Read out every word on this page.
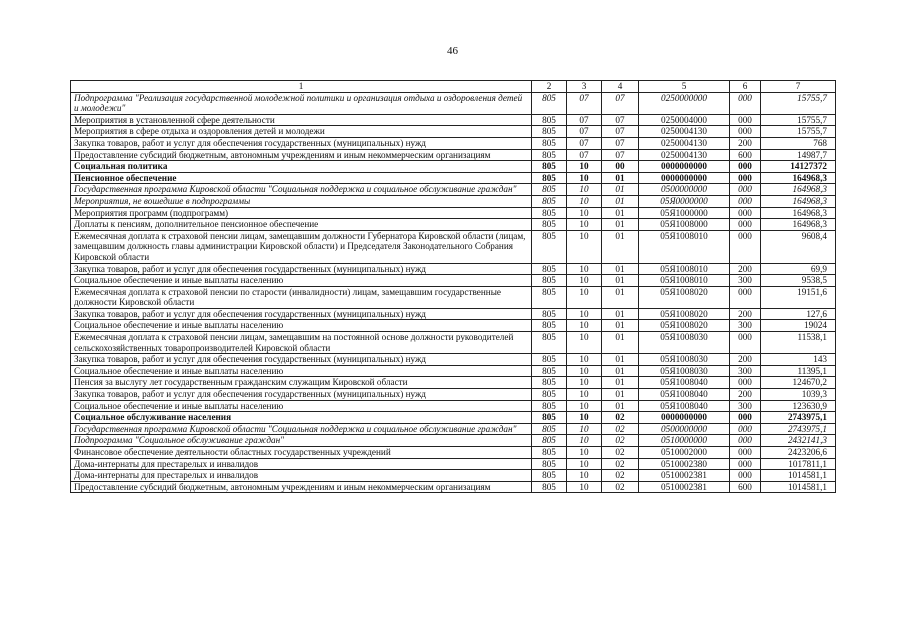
46
1	2	3	4	5	6	7
Подпрограмма "Реализация государственной молодежной политики и организация отдыха и оздоровления детей и молодежи"	805	07	07	0250000000	000	15755,7
Мероприятия в установленной сфере деятельности	805	07	07	0250004000	000	15755,7
Мероприятия в сфере отдыха и оздоровления детей и молодежи	805	07	07	0250004130	000	15755,7
Закупка товаров, работ и услуг для обеспечения государственных (муниципальных) нужд	805	07	07	0250004130	200	768
Предоставление субсидий бюджетным, автономным учреждениям и иным некоммерческим организациям	805	07	07	0250004130	600	14987,7
Социальная политика	805	10	00	0000000000	000	14127372
Пенсионное обеспечение	805	10	01	0000000000	000	164968,3
Государственная программа Кировской области "Социальная поддержка и социальное обслуживание граждан"	805	10	01	0500000000	000	164968,3
Мероприятия, не вошедшие в подпрограммы	805	10	01	05Я0000000	000	164968,3
Мероприятия программ (подпрограмм)	805	10	01	05Я1000000	000	164968,3
Доплаты к пенсиям, дополнительное пенсионное обеспечение	805	10	01	05Я1008000	000	164968,3
Ежемесячная доплата к страховой пенсии лицам, замещавшим должности Губернатора Кировской области (лицам, замещавшим должность главы администрации Кировской области) и Председателя Законодательного Собрания Кировской области	805	10	01	05Я1008010	000	9608,4
Закупка товаров, работ и услуг для обеспечения государственных (муниципальных) нужд	805	10	01	05Я1008010	200	69,9
Социальное обеспечение и иные выплаты населению	805	10	01	05Я1008010	300	9538,5
Ежемесячная доплата к страховой пенсии по старости (инвалидности) лицам, замещавшим государственные должности Кировской области	805	10	01	05Я1008020	000	19151,6
Закупка товаров, работ и услуг для обеспечения государственных (муниципальных) нужд	805	10	01	05Я1008020	200	127,6
Социальное обеспечение и иные выплаты населению	805	10	01	05Я1008020	300	19024
Ежемесячная доплата к страховой пенсии лицам, замещавшим на постоянной основе должности руководителей сельскохозяйственных товаропроизводителей Кировской области	805	10	01	05Я1008030	000	11538,1
Закупка товаров, работ и услуг для обеспечения государственных (муниципальных) нужд	805	10	01	05Я1008030	200	143
Социальное обеспечение и иные выплаты населению	805	10	01	05Я1008030	300	11395,1
Пенсия за выслугу лет государственным гражданским служащим Кировской области	805	10	01	05Я1008040	000	124670,2
Закупка товаров, работ и услуг для обеспечения государственных (муниципальных) нужд	805	10	01	05Я1008040	200	1039,3
Социальное обеспечение и иные выплаты населению	805	10	01	05Я1008040	300	123630,9
Социальное обслуживание населения	805	10	02	0000000000	000	2743975,1
Государственная программа Кировской области "Социальная поддержка и социальное обслуживание граждан"	805	10	02	0500000000	000	2743975,1
Подпрограмма "Социальное обслуживание граждан"	805	10	02	0510000000	000	2432141,3
Финансовое обеспечение деятельности областных государственных учреждений	805	10	02	0510002000	000	2423206,6
Дома-интернаты для престарелых и инвалидов	805	10	02	0510002380	000	1017811,1
Дома-интернаты для престарелых и инвалидов	805	10	02	0510002381	000	1014581,1
Предоставление субсидий бюджетным, автономным учреждениям и иным некоммерческим организациям	805	10	02	0510002381	600	1014581,1
